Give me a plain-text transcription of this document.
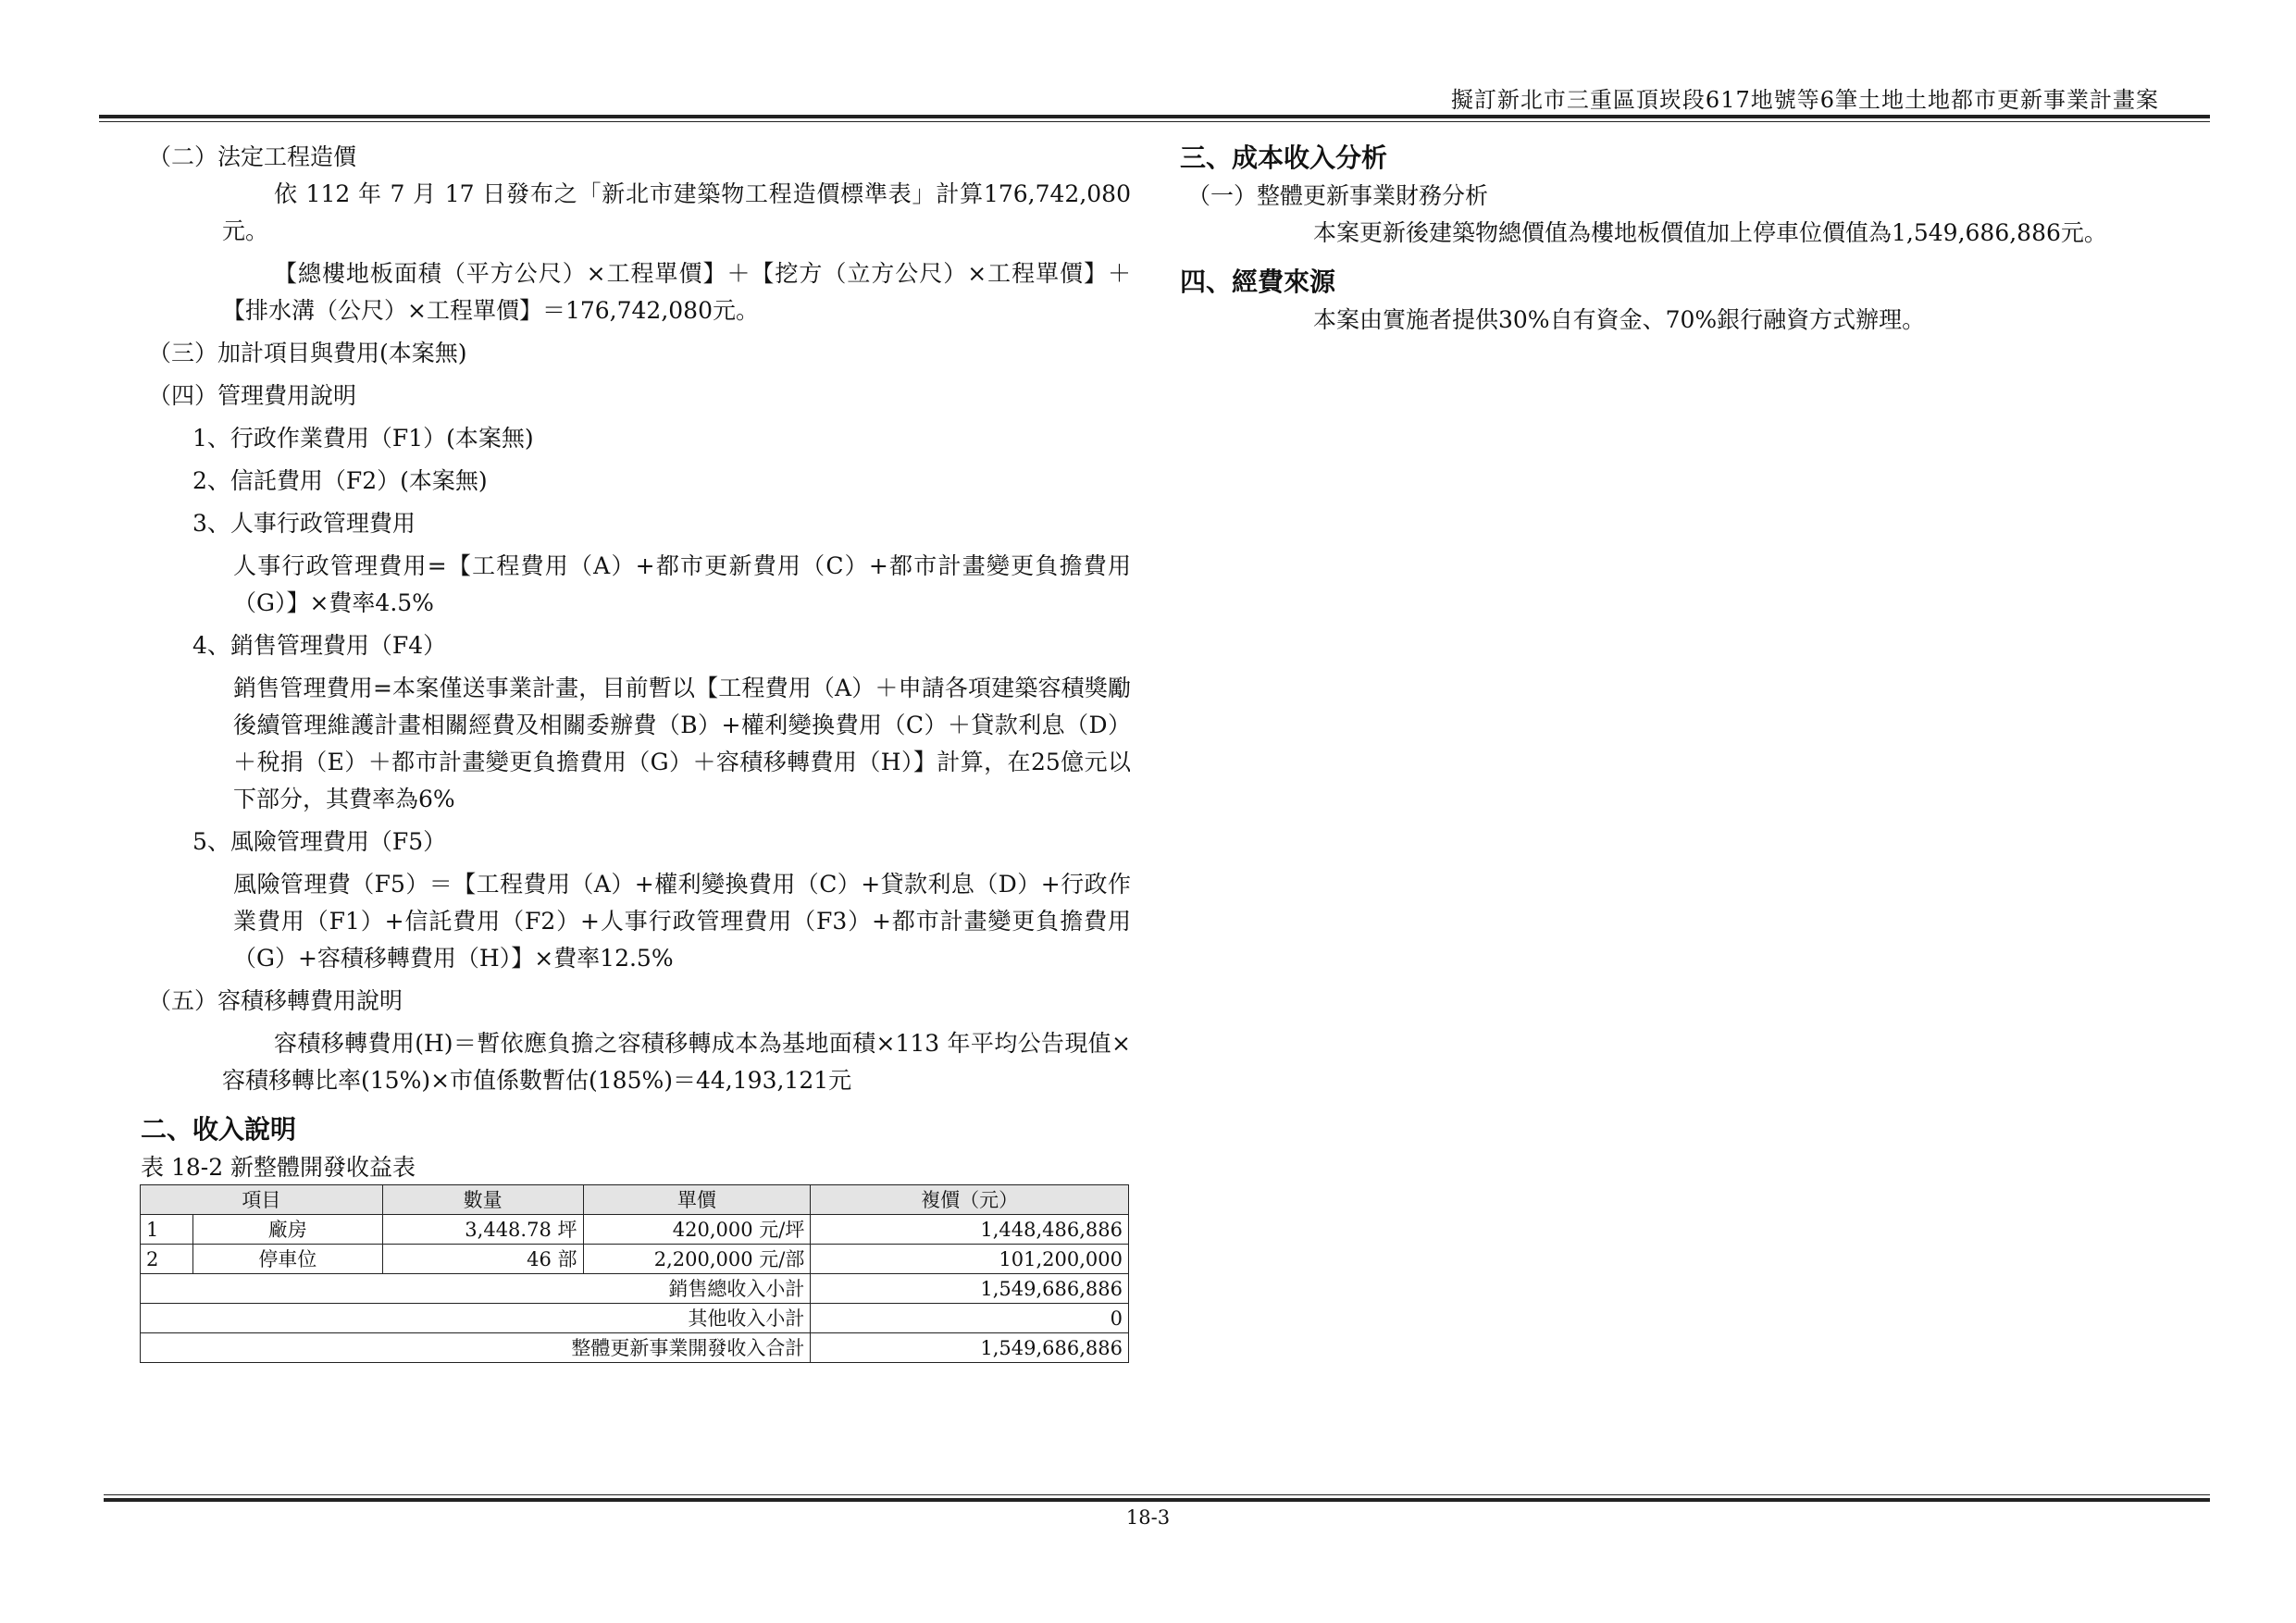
擬訂新北市三重區頂崁段617地號等6筆土地土地都市更新事業計畫案
（二）法定工程造價
依 112 年 7 月 17 日發布之「新北市建築物工程造價標準表」計算176,742,080元。
【總樓地板面積（平方公尺）×工程單價】＋【挖方（立方公尺）×工程單價】＋【排水溝（公尺）×工程單價】＝176,742,080元。
（三）加計項目與費用(本案無)
（四）管理費用說明
1、行政作業費用（F1）(本案無)
2、信託費用（F2）(本案無)
3、人事行政管理費用
人事行政管理費用=【工程費用（A）+都市更新費用（C）+都市計畫變更負擔費用（G）】×費率4.5%
4、銷售管理費用（F4）
銷售管理費用=本案僅送事業計畫，目前暫以【工程費用（A）＋申請各項建築容積獎勵後續管理維護計畫相關經費及相關委辦費（B）+權利變換費用（C）＋貸款利息（D）＋稅捐（E）＋都市計畫變更負擔費用（G）＋容積移轉費用（H）】計算，在25億元以下部分，其費率為6%
5、風險管理費用（F5）
風險管理費（F5）＝【工程費用（A）+權利變換費用（C）+貸款利息（D）+行政作業費用（F1）+信託費用（F2）+人事行政管理費用（F3）+都市計畫變更負擔費用（G）+容積移轉費用（H）】×費率12.5%
（五）容積移轉費用說明
容積移轉費用(H)＝暫依應負擔之容積移轉成本為基地面積×113 年平均公告現值×容積移轉比率(15%)×市值係數暫估(185%)＝44,193,121元
二、收入說明
表 18-2 新整體開發收益表
項目		數量	單價	複價（元）
1	廠房	3,448.78 坪	420,000 元/坪	1,448,486,886
2	停車位	46 部	2,200,000 元/部	101,200,000
銷售總收入小計				1,549,686,886
其他收入小計				0
整體更新事業開發收入合計				1,549,686,886
三、成本收入分析
（一）整體更新事業財務分析
本案更新後建築物總價值為樓地板價值加上停車位價值為1,549,686,886元。
四、經費來源
本案由實施者提供30%自有資金、70%銀行融資方式辦理。
18-3
